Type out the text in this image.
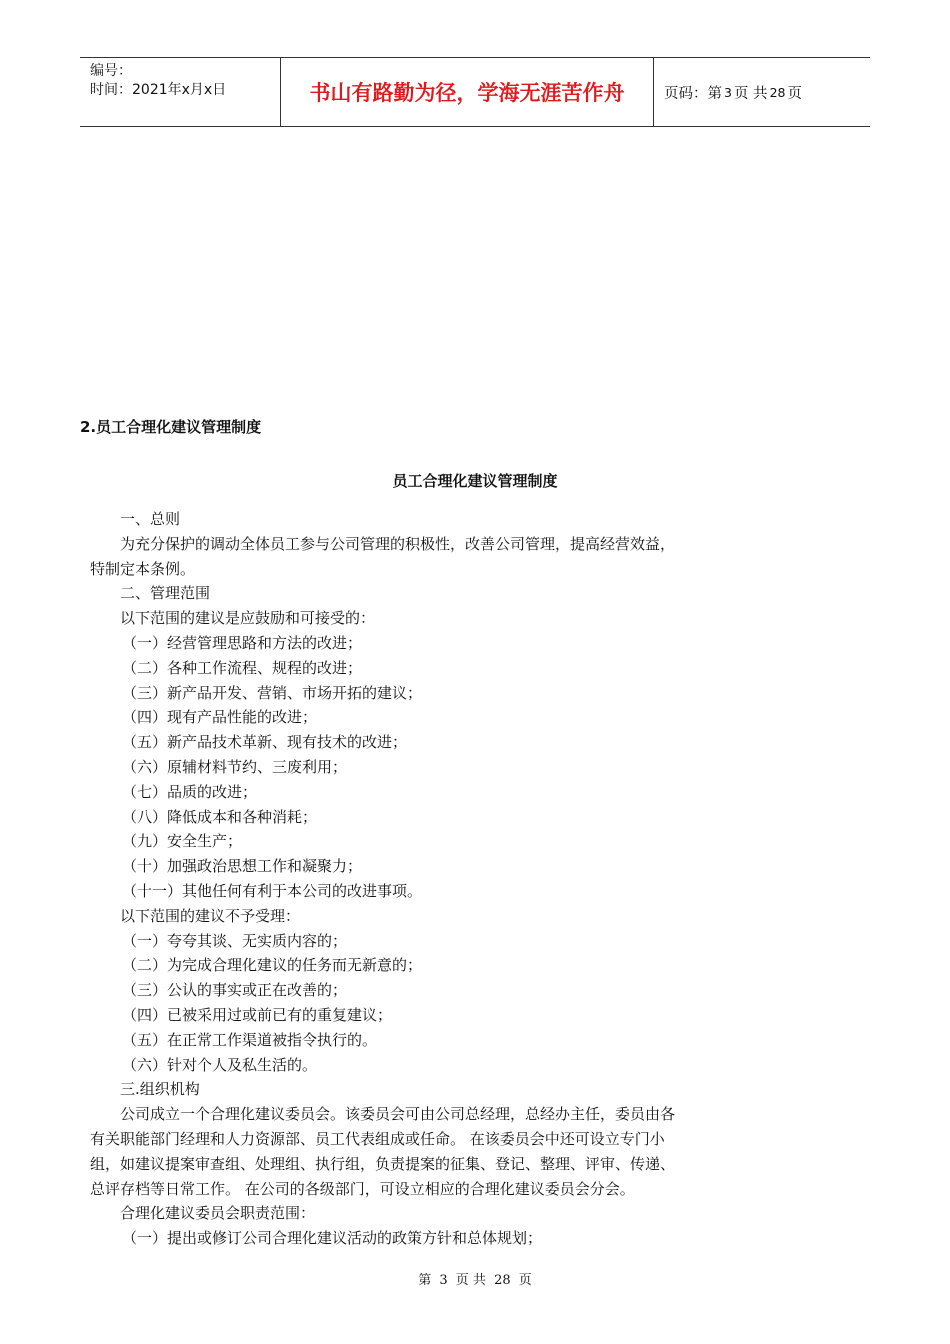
编号：
时间：2021年x月x日	书山有路勤为径，学海无涯苦作舟	页码：第 3 页 共 28 页
2.员工合理化建议管理制度
员工合理化建议管理制度

一、总则

为充分保护的调动全体员工参与公司管理的积极性，改善公司管理，提高经营效益，

特制定本条例。

二、管理范围

以下范围的建议是应鼓励和可接受的：

（一）经营管理思路和方法的改进；

（二）各种工作流程、规程的改进；

（三）新产品开发、营销、市场开拓的建议；

（四）现有产品性能的改进；

（五）新产品技术革新、现有技术的改进；

（六）原辅材料节约、三废利用；

（七）品质的改进；

（八）降低成本和各种消耗；

（九）安全生产；

（十）加强政治思想工作和凝聚力；

（十一）其他任何有利于本公司的改进事项。

以下范围的建议不予受理：

（一）夸夸其谈、无实质内容的；

（二）为完成合理化建议的任务而无新意的；

（三）公认的事实或正在改善的；

（四）已被采用过或前已有的重复建议；

（五）在正常工作渠道被指令执行的。

（六）针对个人及私生活的。

三.组织机构

公司成立一个合理化建议委员会。该委员会可由公司总经理，总经办主任，委员由各

有关职能部门经理和人力资源部、员工代表组成或任命。 在该委员会中还可设立专门小

组，如建议提案审查组、处理组、执行组，负责提案的征集、登记、整理、评审、传递、

总评存档等日常工作。 在公司的各级部门，可设立相应的合理化建议委员会分会。

合理化建议委员会职责范围：

（一）提出或修订公司合理化建议活动的政策方针和总体规划；

第 3 页 共 28 页
